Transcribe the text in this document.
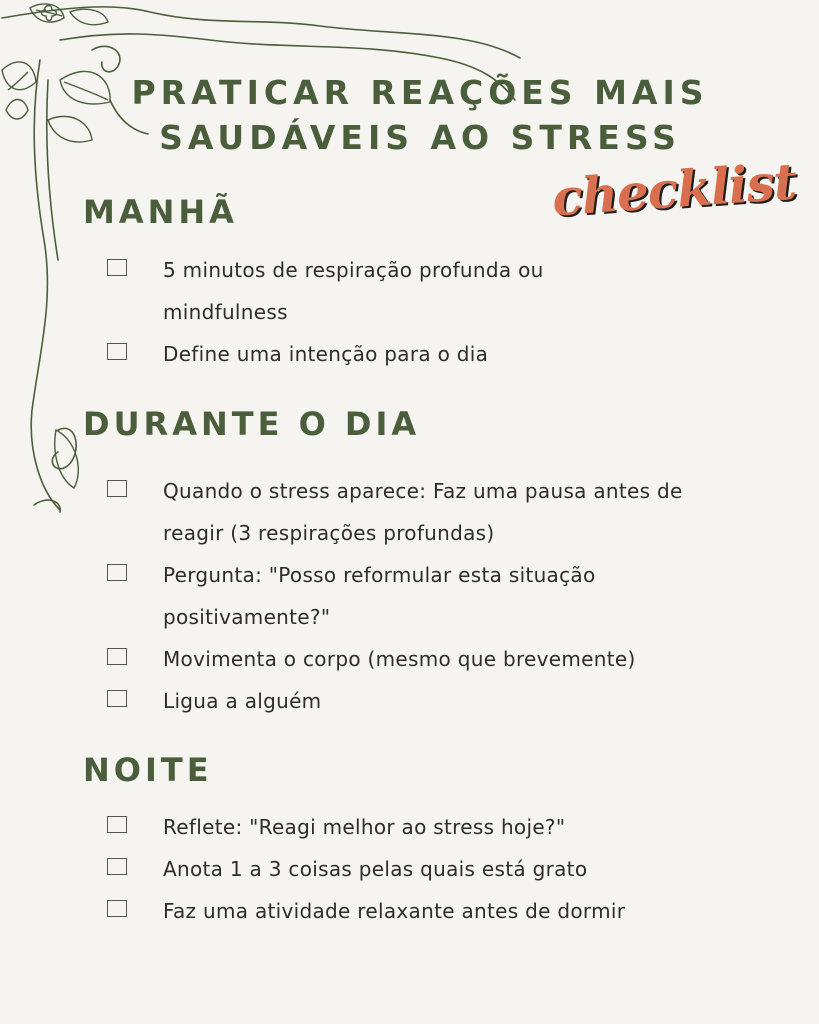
PRATICAR REAÇÕES MAIS
SAUDÁVEIS AO STRESS
checklist
MANHÃ
5 minutos de respiração profunda ou mindfulness
Define uma intenção para o dia
DURANTE O DIA
Quando o stress aparece: Faz uma pausa antes de reagir (3 respirações profundas)
Pergunta: "Posso reformular esta situação positivamente?"
Movimenta o corpo (mesmo que brevemente)
Ligua a alguém
NOITE
Reflete: "Reagi melhor ao stress hoje?"
Anota 1 a 3 coisas pelas quais está grato
Faz uma atividade relaxante antes de dormir
